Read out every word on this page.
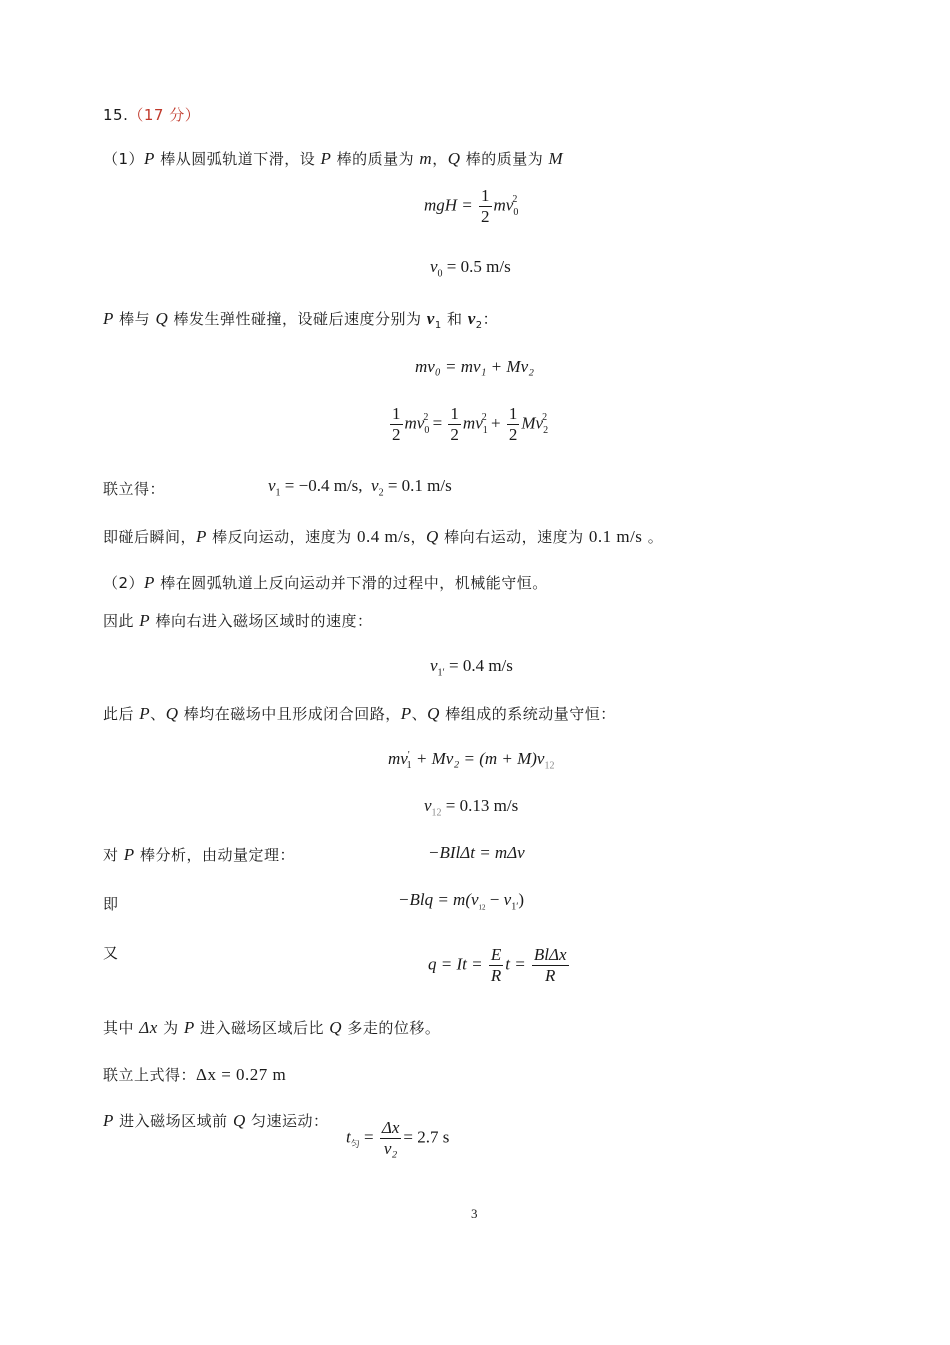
15.（17 分）
（1）P 棒从圆弧轨道下滑，设 P 棒的质量为 m，Q 棒的质量为 M
mgH = $\frac{1}{2} mv_0^2$
$v_0 = 0.5$ m/s
P 棒与 Q 棒发生弹性碰撞，设碰后速度分别为 $v_1$ 和 $v_2$：
mv₀ = mv₁ + Mv₂
$\frac{1}{2} mv_0^2 = \frac{1}{2} mv_1^2 + \frac{1}{2} Mv_2^2$
联立得：	$v_1 = -0.4$ m/s, $v_2 = 0.1$ m/s
即碰后瞬间，P 棒反向运动，速度为 0.4 m/s，Q 棒向右运动，速度为 0.1 m/s 。
（2）P 棒在圆弧轨道上反向运动并下滑的过程中，机械能守恒。
因此 P 棒向右进入磁场区域时的速度：
$v_{1'} = 0.4$ m/s
此后 P、Q 棒均在磁场中且形成闭合回路，P、Q 棒组成的系统动量守恒：
$mv'_1 + Mv_2 = (m + M)v_{12}$
$v_{12} = 0.13$ m/s
对 P 棒分析，由动量定理：	−BIlΔt = mΔv
即	$-Blq = m(v_{12} - v_{1'})$
又
$q = It = \frac{E}{R}$ $t = \frac{\text{BlΔx}}{R}$
其中 Δx 为 P 进入磁场区域后比 Q 多走的位移。
联立上式得：Δx = 0.27 m
P 进入磁场区域前 Q 匀速运动：
$t_匀 = \frac{\Delta x}{\text{v₂}} = 2.7$ s
3
